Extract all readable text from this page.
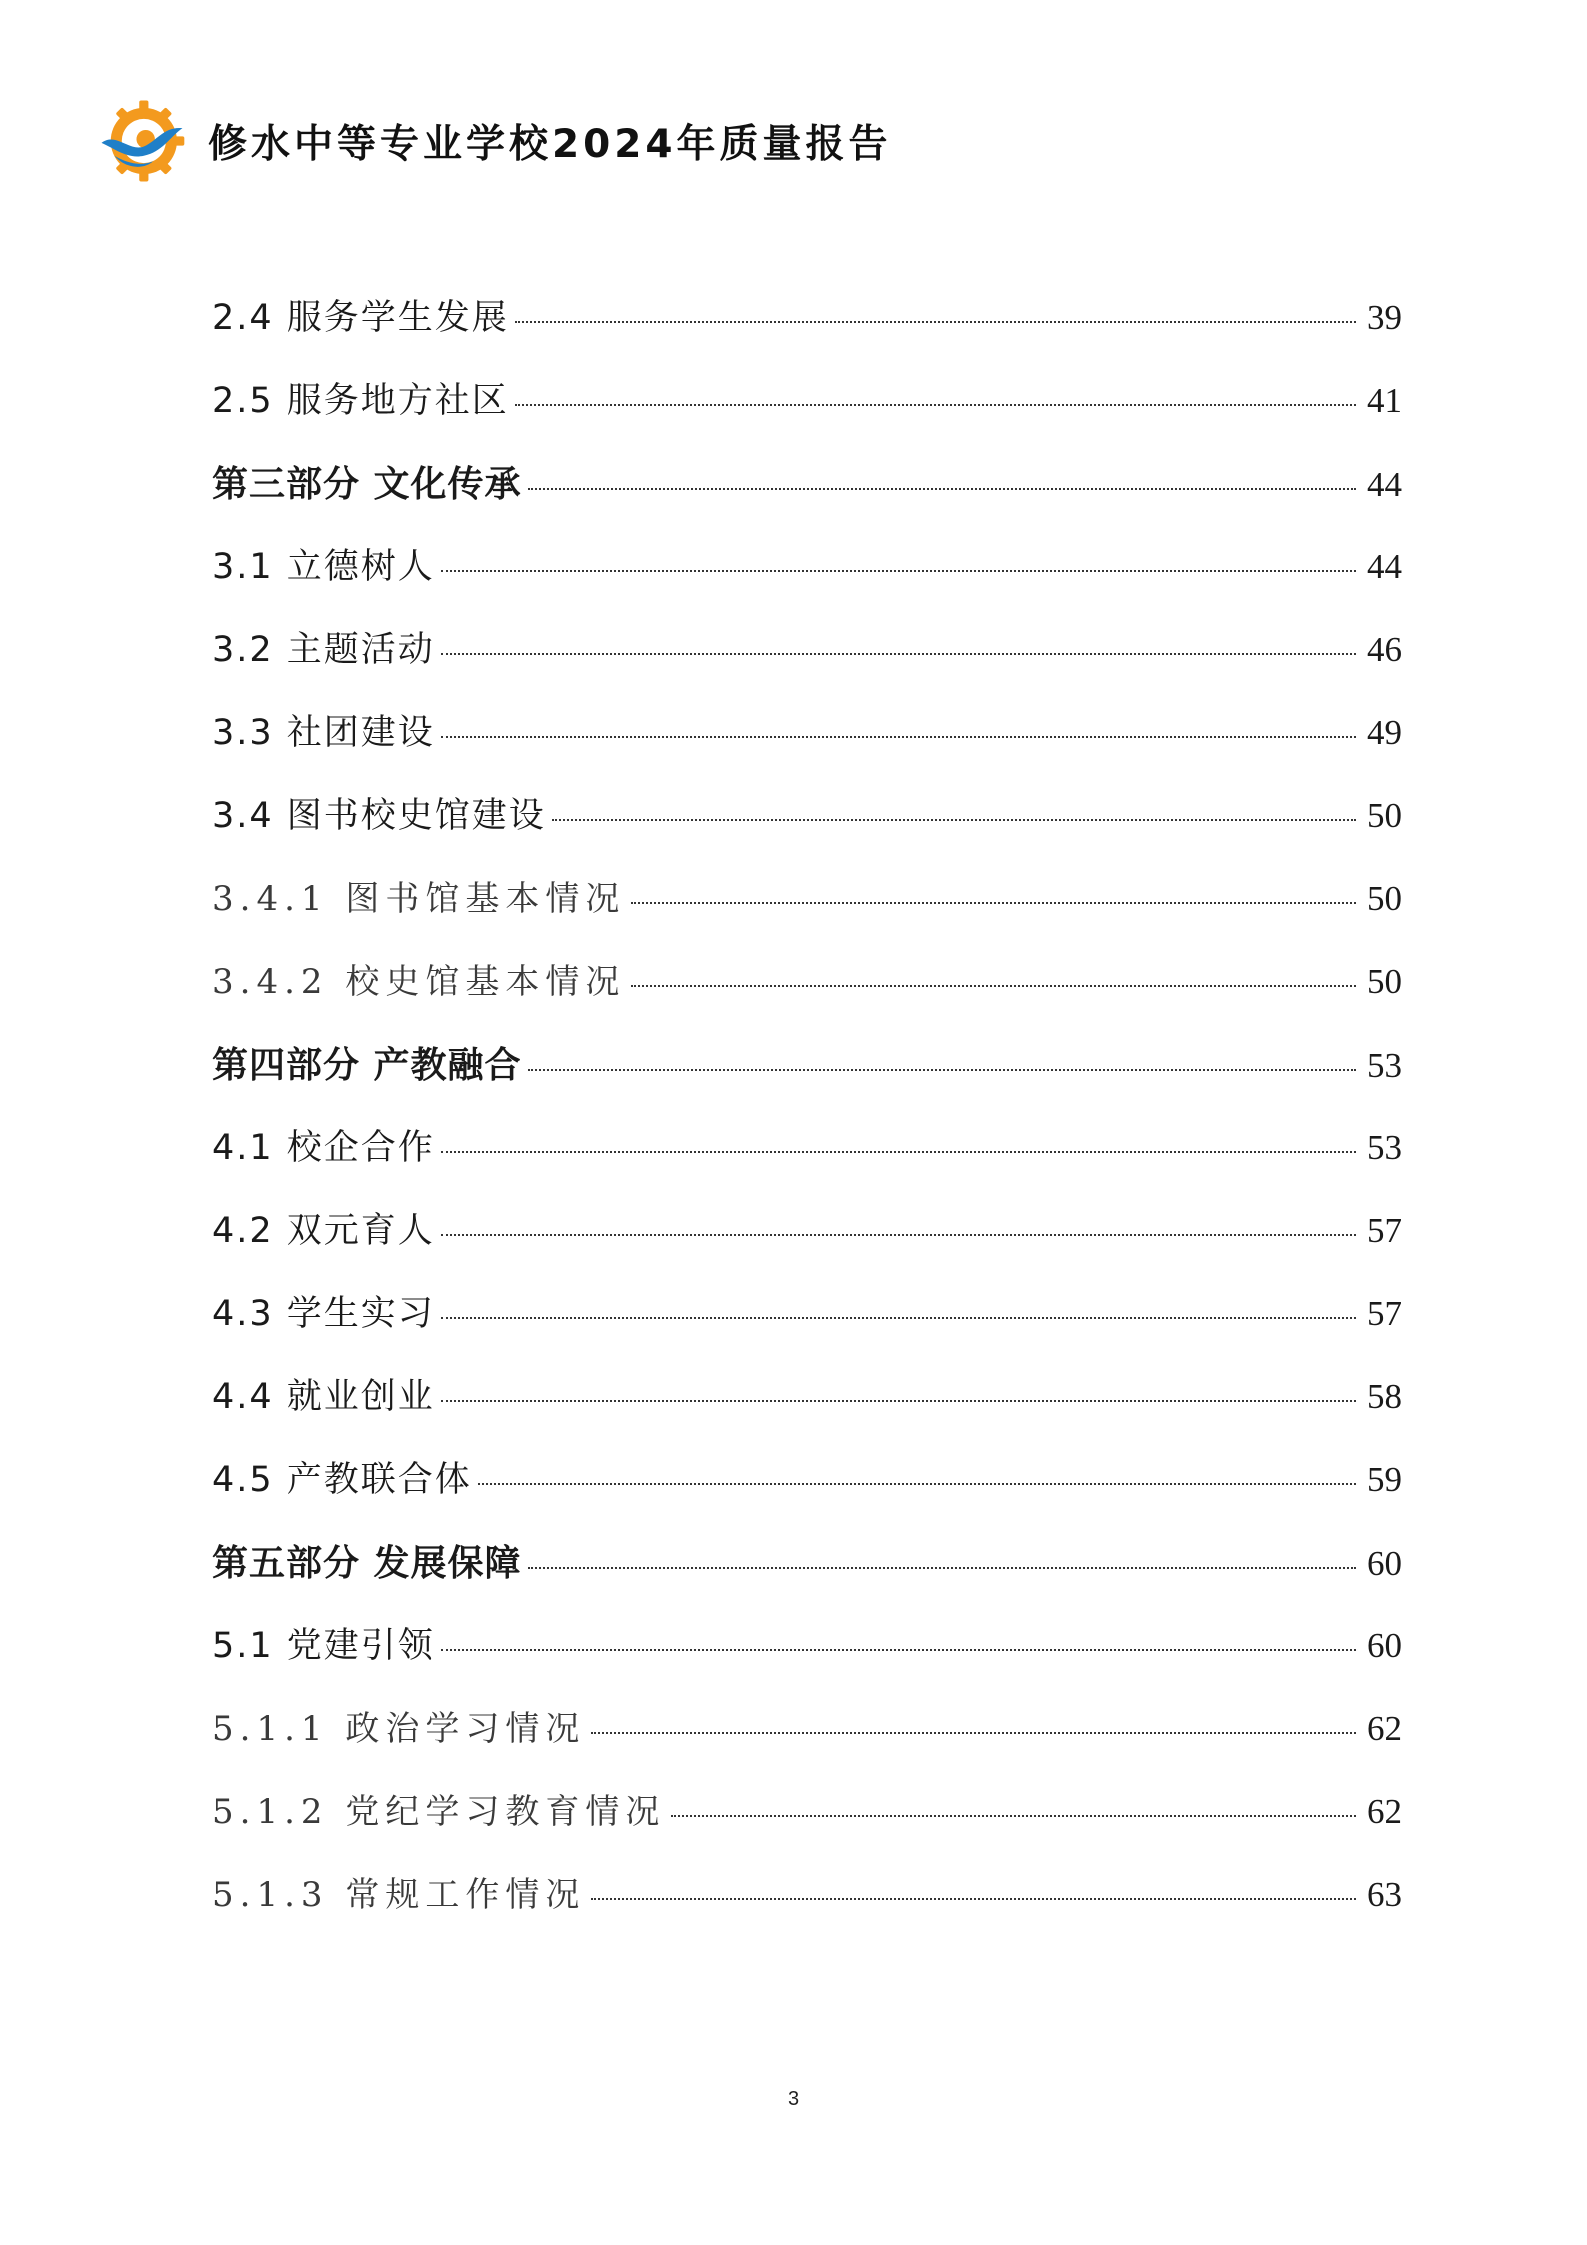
修水中等专业学校2024年质量报告
2.4 服务学生发展	39
2.5 服务地方社区	41
第三部分 文化传承	44
3.1 立德树人	44
3.2 主题活动	46
3.3 社团建设	49
3.4 图书校史馆建设	50
3.4.1 图书馆基本情况	50
3.4.2 校史馆基本情况	50
第四部分 产教融合	53
4.1 校企合作	53
4.2 双元育人	57
4.3 学生实习	57
4.4 就业创业	58
4.5 产教联合体	59
第五部分 发展保障	60
5.1 党建引领	60
5.1.1 政治学习情况	62
5.1.2 党纪学习教育情况	62
5.1.3 常规工作情况	63
3
